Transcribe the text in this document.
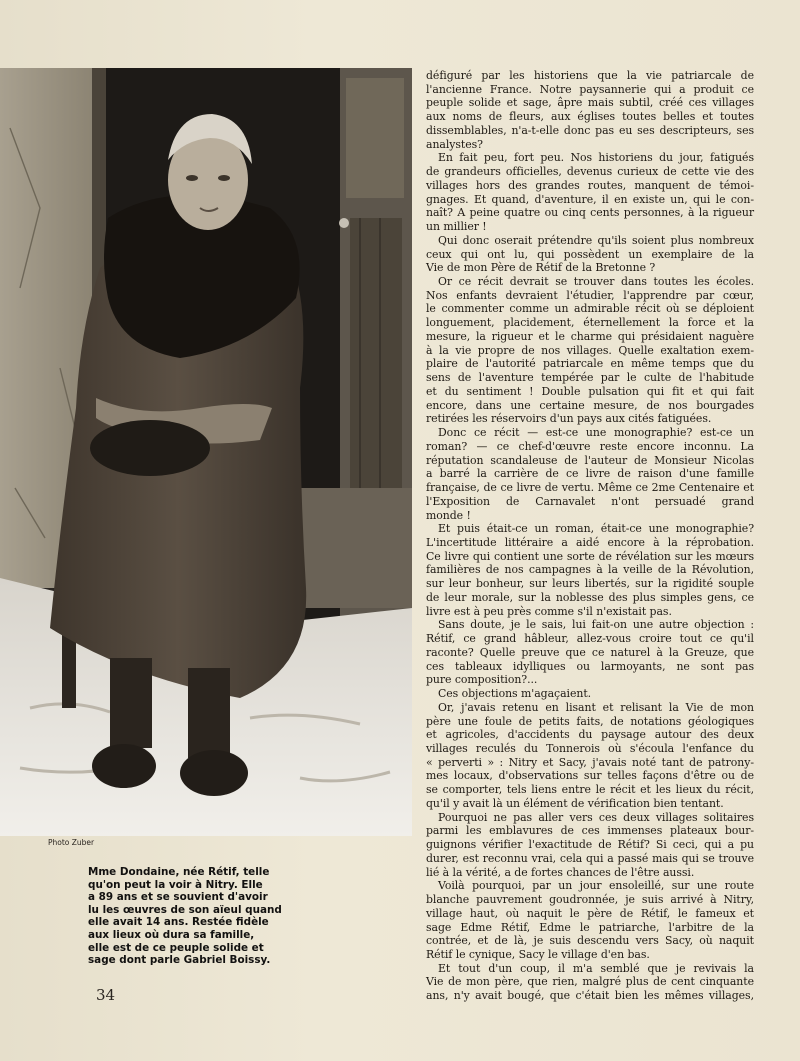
Photo Zuber
Mme Dondaine, née Rétif, telle
qu'on peut la voir à Nitry. Elle
a 89 ans et se souvient d'avoir
lu les œuvres de son aïeul quand
elle avait 14 ans. Restée fidèle
aux lieux où dura sa famille,
elle est de ce peuple solide et
sage dont parle Gabriel Boissy.
34

défiguré par les historiens que la vie patriarcale de

l'ancienne France. Notre paysannerie qui a produit ce

peuple solide et sage, âpre mais subtil, créé ces villages

aux noms de fleurs, aux églises toutes belles et toutes

dissemblables, n'a-t-elle donc pas eu ses descripteurs, ses

analystes?

En fait peu, fort peu. Nos historiens du jour, fatigués

de grandeurs officielles, devenus curieux de cette vie des

villages hors des grandes routes, manquent de témoi-

gnages. Et quand, d'aventure, il en existe un, qui le con-

naît? A peine quatre ou cinq cents personnes, à la rigueur

un millier !

Qui donc oserait prétendre qu'ils soient plus nombreux

ceux qui ont lu, qui possèdent un exemplaire de la

Vie de mon Père de Rétif de la Bretonne ?

Or ce récit devrait se trouver dans toutes les écoles.

Nos enfants devraient l'étudier, l'apprendre par cœur,

le commenter comme un admirable récit où se déploient

longuement, placidement, éternellement la force et la

mesure, la rigueur et le charme qui présidaient naguère

à la vie propre de nos villages. Quelle exaltation exem-

plaire de l'autorité patriarcale en même temps que du

sens de l'aventure tempérée par le culte de l'habitude

et du sentiment ! Double pulsation qui fit et qui fait

encore, dans une certaine mesure, de nos bourgades

retirées les réservoirs d'un pays aux cités fatiguées.

Donc ce récit — est-ce une monographie? est-ce un

roman? — ce chef-d'œuvre reste encore inconnu. La

réputation scandaleuse de l'auteur de Monsieur Nicolas

a barré la carrière de ce livre de raison d'une famille

française, de ce livre de vertu. Même ce 2me Centenaire et

l'Exposition de Carnavalet n'ont persuadé grand

monde !

Et puis était-ce un roman, était-ce une monographie?

L'incertitude littéraire a aidé encore à la réprobation.

Ce livre qui contient une sorte de révélation sur les mœurs

familières de nos campagnes à la veille de la Révolution,

sur leur bonheur, sur leurs libertés, sur la rigidité souple

de leur morale, sur la noblesse des plus simples gens, ce

livre est à peu près comme s'il n'existait pas.

Sans doute, je le sais, lui fait-on une autre objection :

Rétif, ce grand hâbleur, allez-vous croire tout ce qu'il

raconte? Quelle preuve que ce naturel à la Greuze, que

ces tableaux idylliques ou larmoyants, ne sont pas

pure composition?...

Ces objections m'agaçaient.

Or, j'avais retenu en lisant et relisant la Vie de mon

père une foule de petits faits, de notations géologiques

et agricoles, d'accidents du paysage autour des deux

villages reculés du Tonnerois où s'écoula l'enfance du

« perverti » : Nitry et Sacy, j'avais noté tant de patrony-

mes locaux, d'observations sur telles façons d'être ou de

se comporter, tels liens entre le récit et les lieux du récit,

qu'il y avait là un élément de vérification bien tentant.

Pourquoi ne pas aller vers ces deux villages solitaires

parmi les emblavures de ces immenses plateaux bour-

guignons vérifier l'exactitude de Rétif? Si ceci, qui a pu

durer, est reconnu vrai, cela qui a passé mais qui se trouve

lié à la vérité, a de fortes chances de l'être aussi.

Voilà pourquoi, par un jour ensoleillé, sur une route

blanche pauvrement goudronnée, je suis arrivé à Nitry,

village haut, où naquit le père de Rétif, le fameux et

sage Edme Rétif, Edme le patriarche, l'arbitre de la

contrée, et de là, je suis descendu vers Sacy, où naquit

Rétif le cynique, Sacy le village d'en bas.

Et tout d'un coup, il m'a semblé que je revivais la

Vie de mon père, que rien, malgré plus de cent cinquante

ans, n'y avait bougé, que c'était bien les mêmes villages,
